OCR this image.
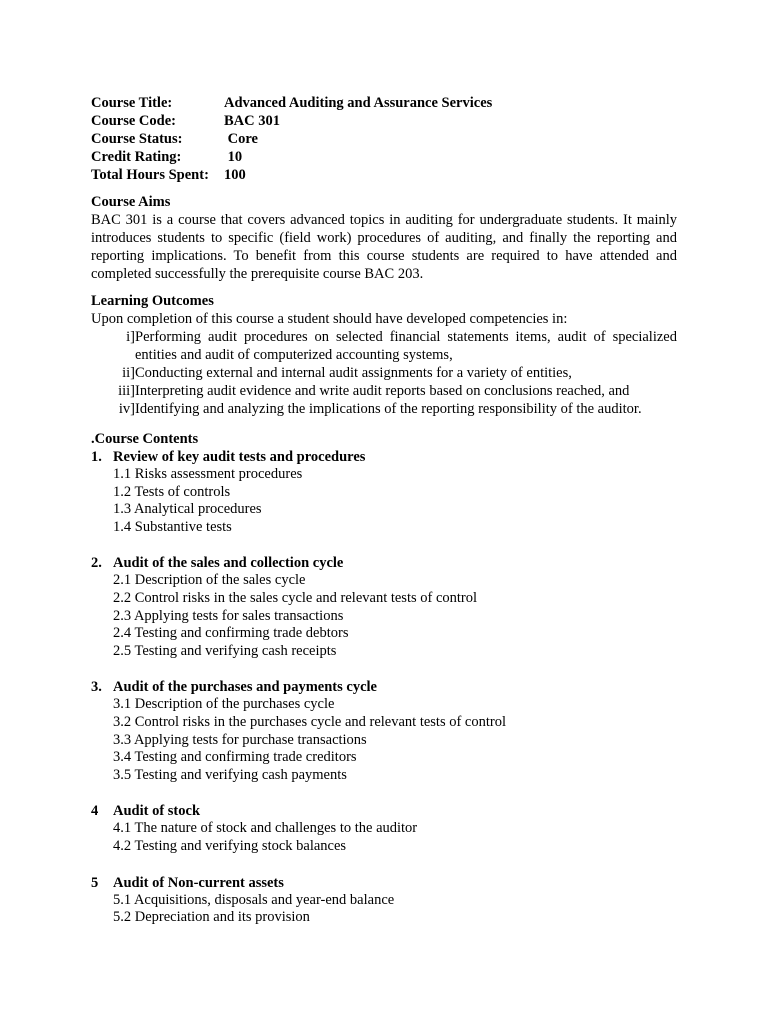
Course Title:	Advanced Auditing and Assurance Services
Course Code:	BAC 301
Course Status:	Core
Credit Rating:	10
Total Hours Spent:	100
Course Aims
BAC 301 is a course that covers advanced topics in auditing for undergraduate students. It mainly introduces students to specific (field work) procedures of auditing, and finally the reporting and reporting implications. To benefit from this course students are required to have attended and completed successfully the prerequisite course BAC 203.
Learning Outcomes
Upon completion of this course a student should have developed competencies in:
i] Performing audit procedures on selected financial statements items, audit of specialized entities and audit of computerized accounting systems,
ii] Conducting external and internal audit assignments for a variety of entities,
iii] Interpreting audit evidence and write audit reports based on conclusions reached, and
iv] Identifying and analyzing the implications of the reporting responsibility of the auditor.
.Course Contents
1. Review of key audit tests and procedures
1.1 Risks assessment procedures
1.2 Tests of controls
1.3 Analytical procedures
1.4 Substantive tests
2. Audit of the sales and collection cycle
2.1 Description of the sales cycle
2.2 Control risks in the sales cycle and relevant tests of control
2.3 Applying tests for sales transactions
2.4 Testing and confirming trade debtors
2.5 Testing and verifying cash receipts
3. Audit of the purchases and payments cycle
3.1 Description of the purchases cycle
3.2 Control risks in the purchases cycle and relevant tests of control
3.3 Applying tests for purchase transactions
3.4 Testing and confirming trade creditors
3.5 Testing and verifying cash payments
4	Audit of stock
4.1 The nature of stock and challenges to the auditor
4.2 Testing and verifying stock balances
5	Audit of Non-current assets
5.1 Acquisitions, disposals and year-end balance
5.2 Depreciation and its provision
